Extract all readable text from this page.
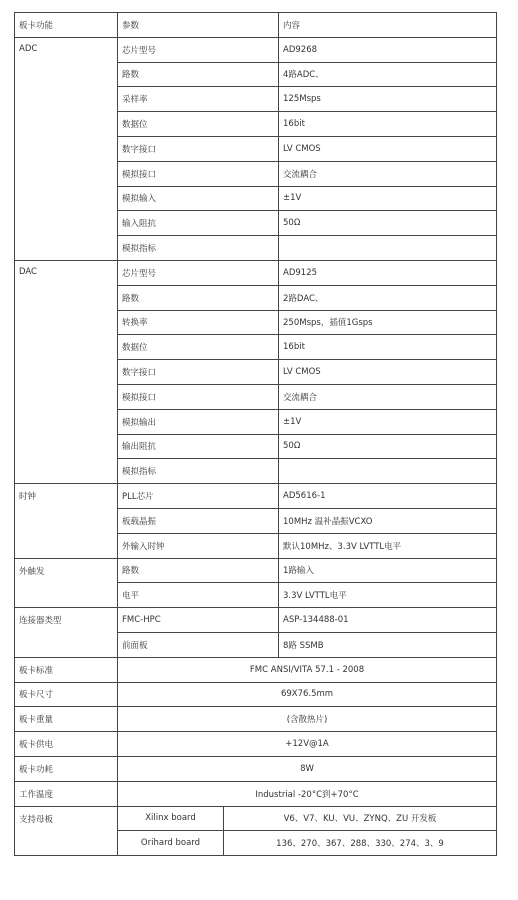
板卡功能	参数		内容
ADC	芯片型号		AD9268
	路数		4路ADC、
	采样率		125Msps
	数据位		16bit
	数字接口		LV CMOS
	模拟接口		交流耦合
	模拟输入		±1V
	输入阻抗		50Ω
	模拟指标		
DAC	芯片型号		AD9125
	路数		2路DAC、
	转换率		250Msps，插值1Gsps
	数据位		16bit
	数字接口		LV CMOS
	模拟接口		交流耦合
	模拟输出		±1V
	输出阻抗		50Ω
	模拟指标		
时钟	PLL芯片		AD5616-1
	板载晶振		10MHz 温补晶振VCXO
	外输入时钟		默认10MHz、3.3V LVTTL电平
外触发	路数		1路输入
	电平		3.3V LVTTL电平
连接器类型	FMC-HPC		ASP-134488-01
	前面板		8路 SSMB
板卡标准	FMC ANSI/VITA 57.1 - 2008		
板卡尺寸	69X76.5mm		
板卡重量	(含散热片)		
板卡供电	+12V@1A		
板卡功耗	8W		
工作温度	Industrial -20°C到+70°C		
支持母板	Xilinx board	V6、V7、KU、VU、ZYNQ、ZU 开发板	
	Orihard board	136、270、367、288、330、274、3、9	
